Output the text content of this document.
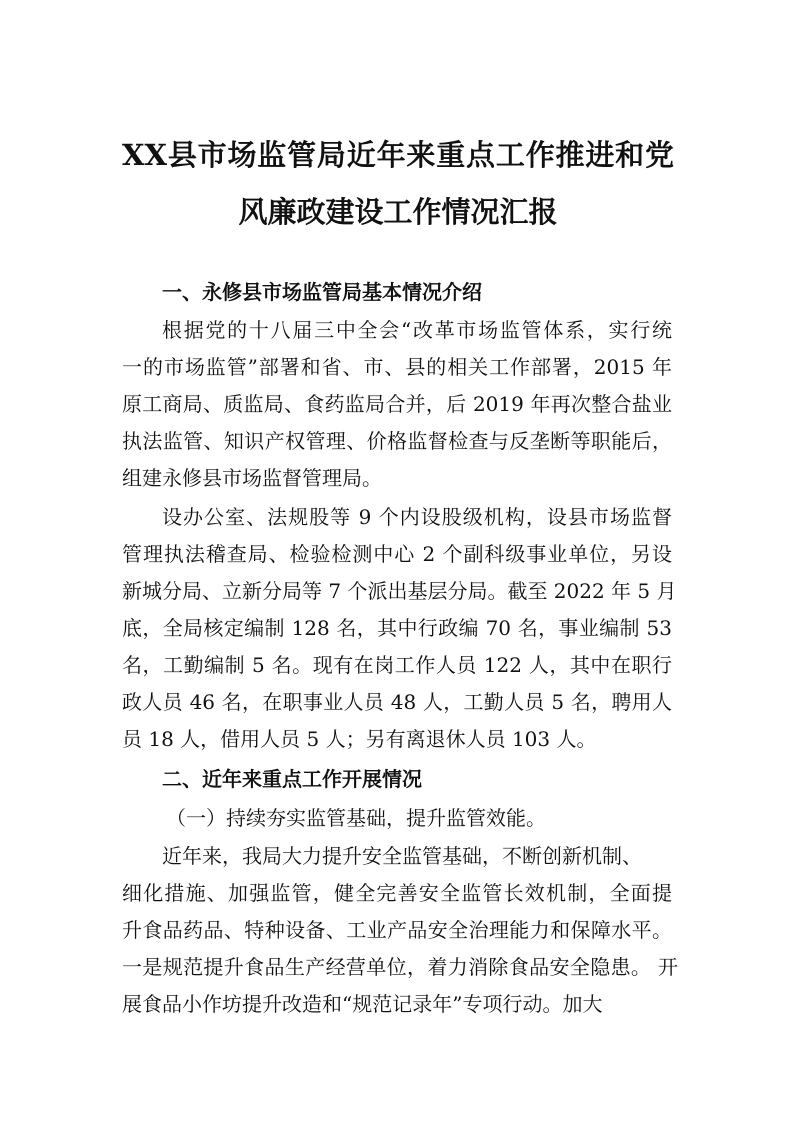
XX县市场监管局近年来重点工作推进和党
风廉政建设工作情况汇报
一、永修县市场监管局基本情况介绍
根据党的十八届三中全会“改革市场监管体系，实行统
一的市场监管”部署和省、市、县的相关工作部署，2015 年
原工商局、质监局、食药监局合并，后 2019 年再次整合盐业
执法监管、知识产权管理、价格监督检查与反垄断等职能后，
组建永修县市场监督管理局。
设办公室、法规股等 9 个内设股级机构，设县市场监督
管理执法稽查局、检验检测中心 2 个副科级事业单位，另设
新城分局、立新分局等 7 个派出基层分局。截至 2022 年 5 月
底，全局核定编制 128 名，其中行政编 70 名，事业编制 53
名，工勤编制 5 名。现有在岗工作人员 122 人，其中在职行
政人员 46 名，在职事业人员 48 人，工勤人员 5 名，聘用人
员 18 人，借用人员 5 人；另有离退休人员 103 人。
二、近年来重点工作开展情况
（一）持续夯实监管基础，提升监管效能。
近年来，我局大力提升安全监管基础，不断创新机制、
细化措施、加强监管，健全完善安全监管长效机制，全面提
升食品药品、特种设备、工业产品安全治理能力和保障水平。
一是规范提升食品生产经营单位，着力消除食品安全隐患。 开
展食品小作坊提升改造和“规范记录年”专项行动。加大
